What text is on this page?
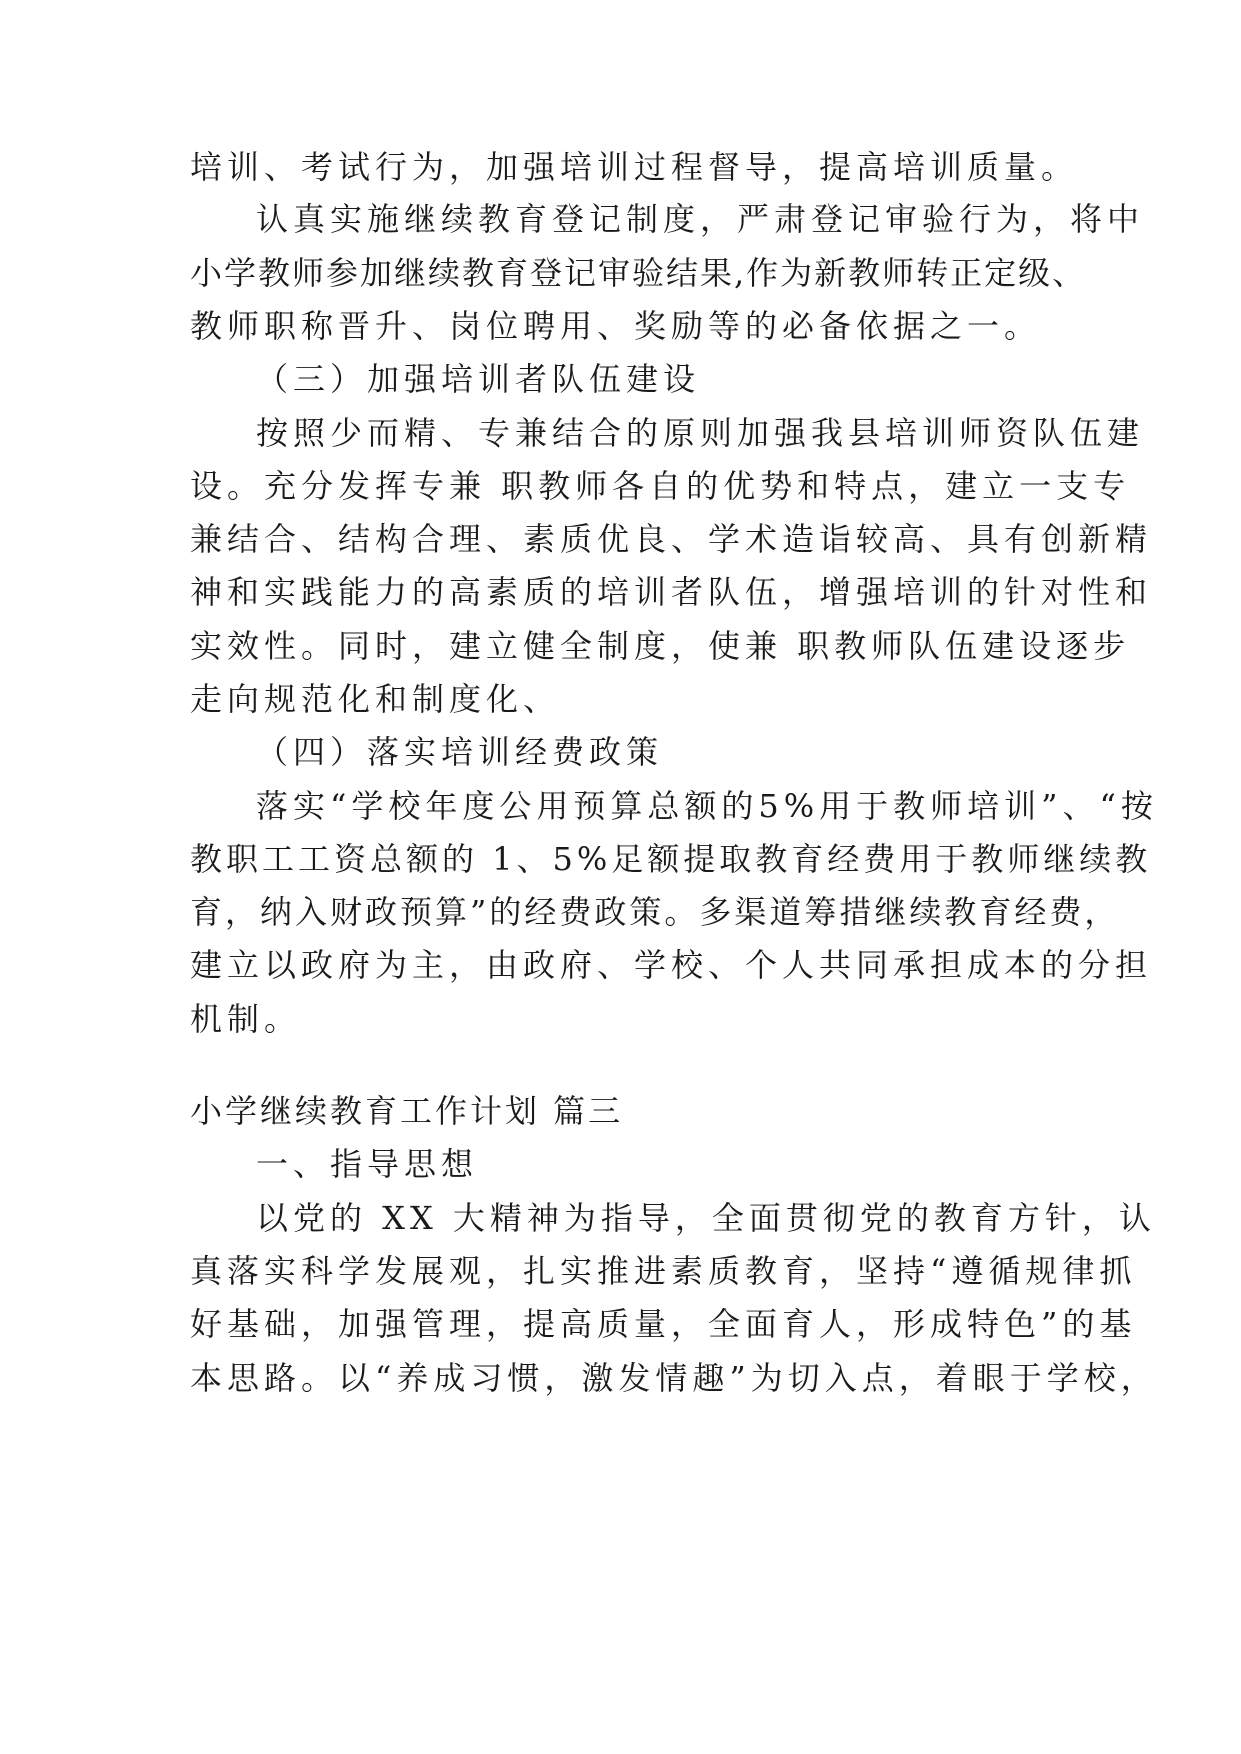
培训、考试行为，加强培训过程督导，提高培训质量。
认真实施继续教育登记制度，严肃登记审验行为，将中
小学教师参加继续教育登记审验结果,作为新教师转正定级、
教师职称晋升、岗位聘用、奖励等的必备依据之一。
（三）加强培训者队伍建设
按照少而精、专兼结合的原则加强我县培训师资队伍建
设。充分发挥专兼 职教师各自的优势和特点，建立一支专
兼结合、结构合理、素质优良、学术造诣较高、具有创新精
神和实践能力的高素质的培训者队伍，增强培训的针对性和
实效性。同时，建立健全制度，使兼 职教师队伍建设逐步
走向规范化和制度化、
（四）落实培训经费政策
落实“学校年度公用预算总额的5%用于教师培训”、“按
教职工工资总额的 1、5%足额提取教育经费用于教师继续教
育，纳入财政预算”的经费政策。多渠道筹措继续教育经费，
建立以政府为主，由政府、学校、个人共同承担成本的分担
机制。
小学继续教育工作计划 篇三
一、指导思想
以党的 XX 大精神为指导，全面贯彻党的教育方针，认
真落实科学发展观，扎实推进素质教育，坚持“遵循规律抓
好基础，加强管理，提高质量，全面育人，形成特色”的基
本思路。以“养成习惯，激发情趣”为切入点，着眼于学校，
